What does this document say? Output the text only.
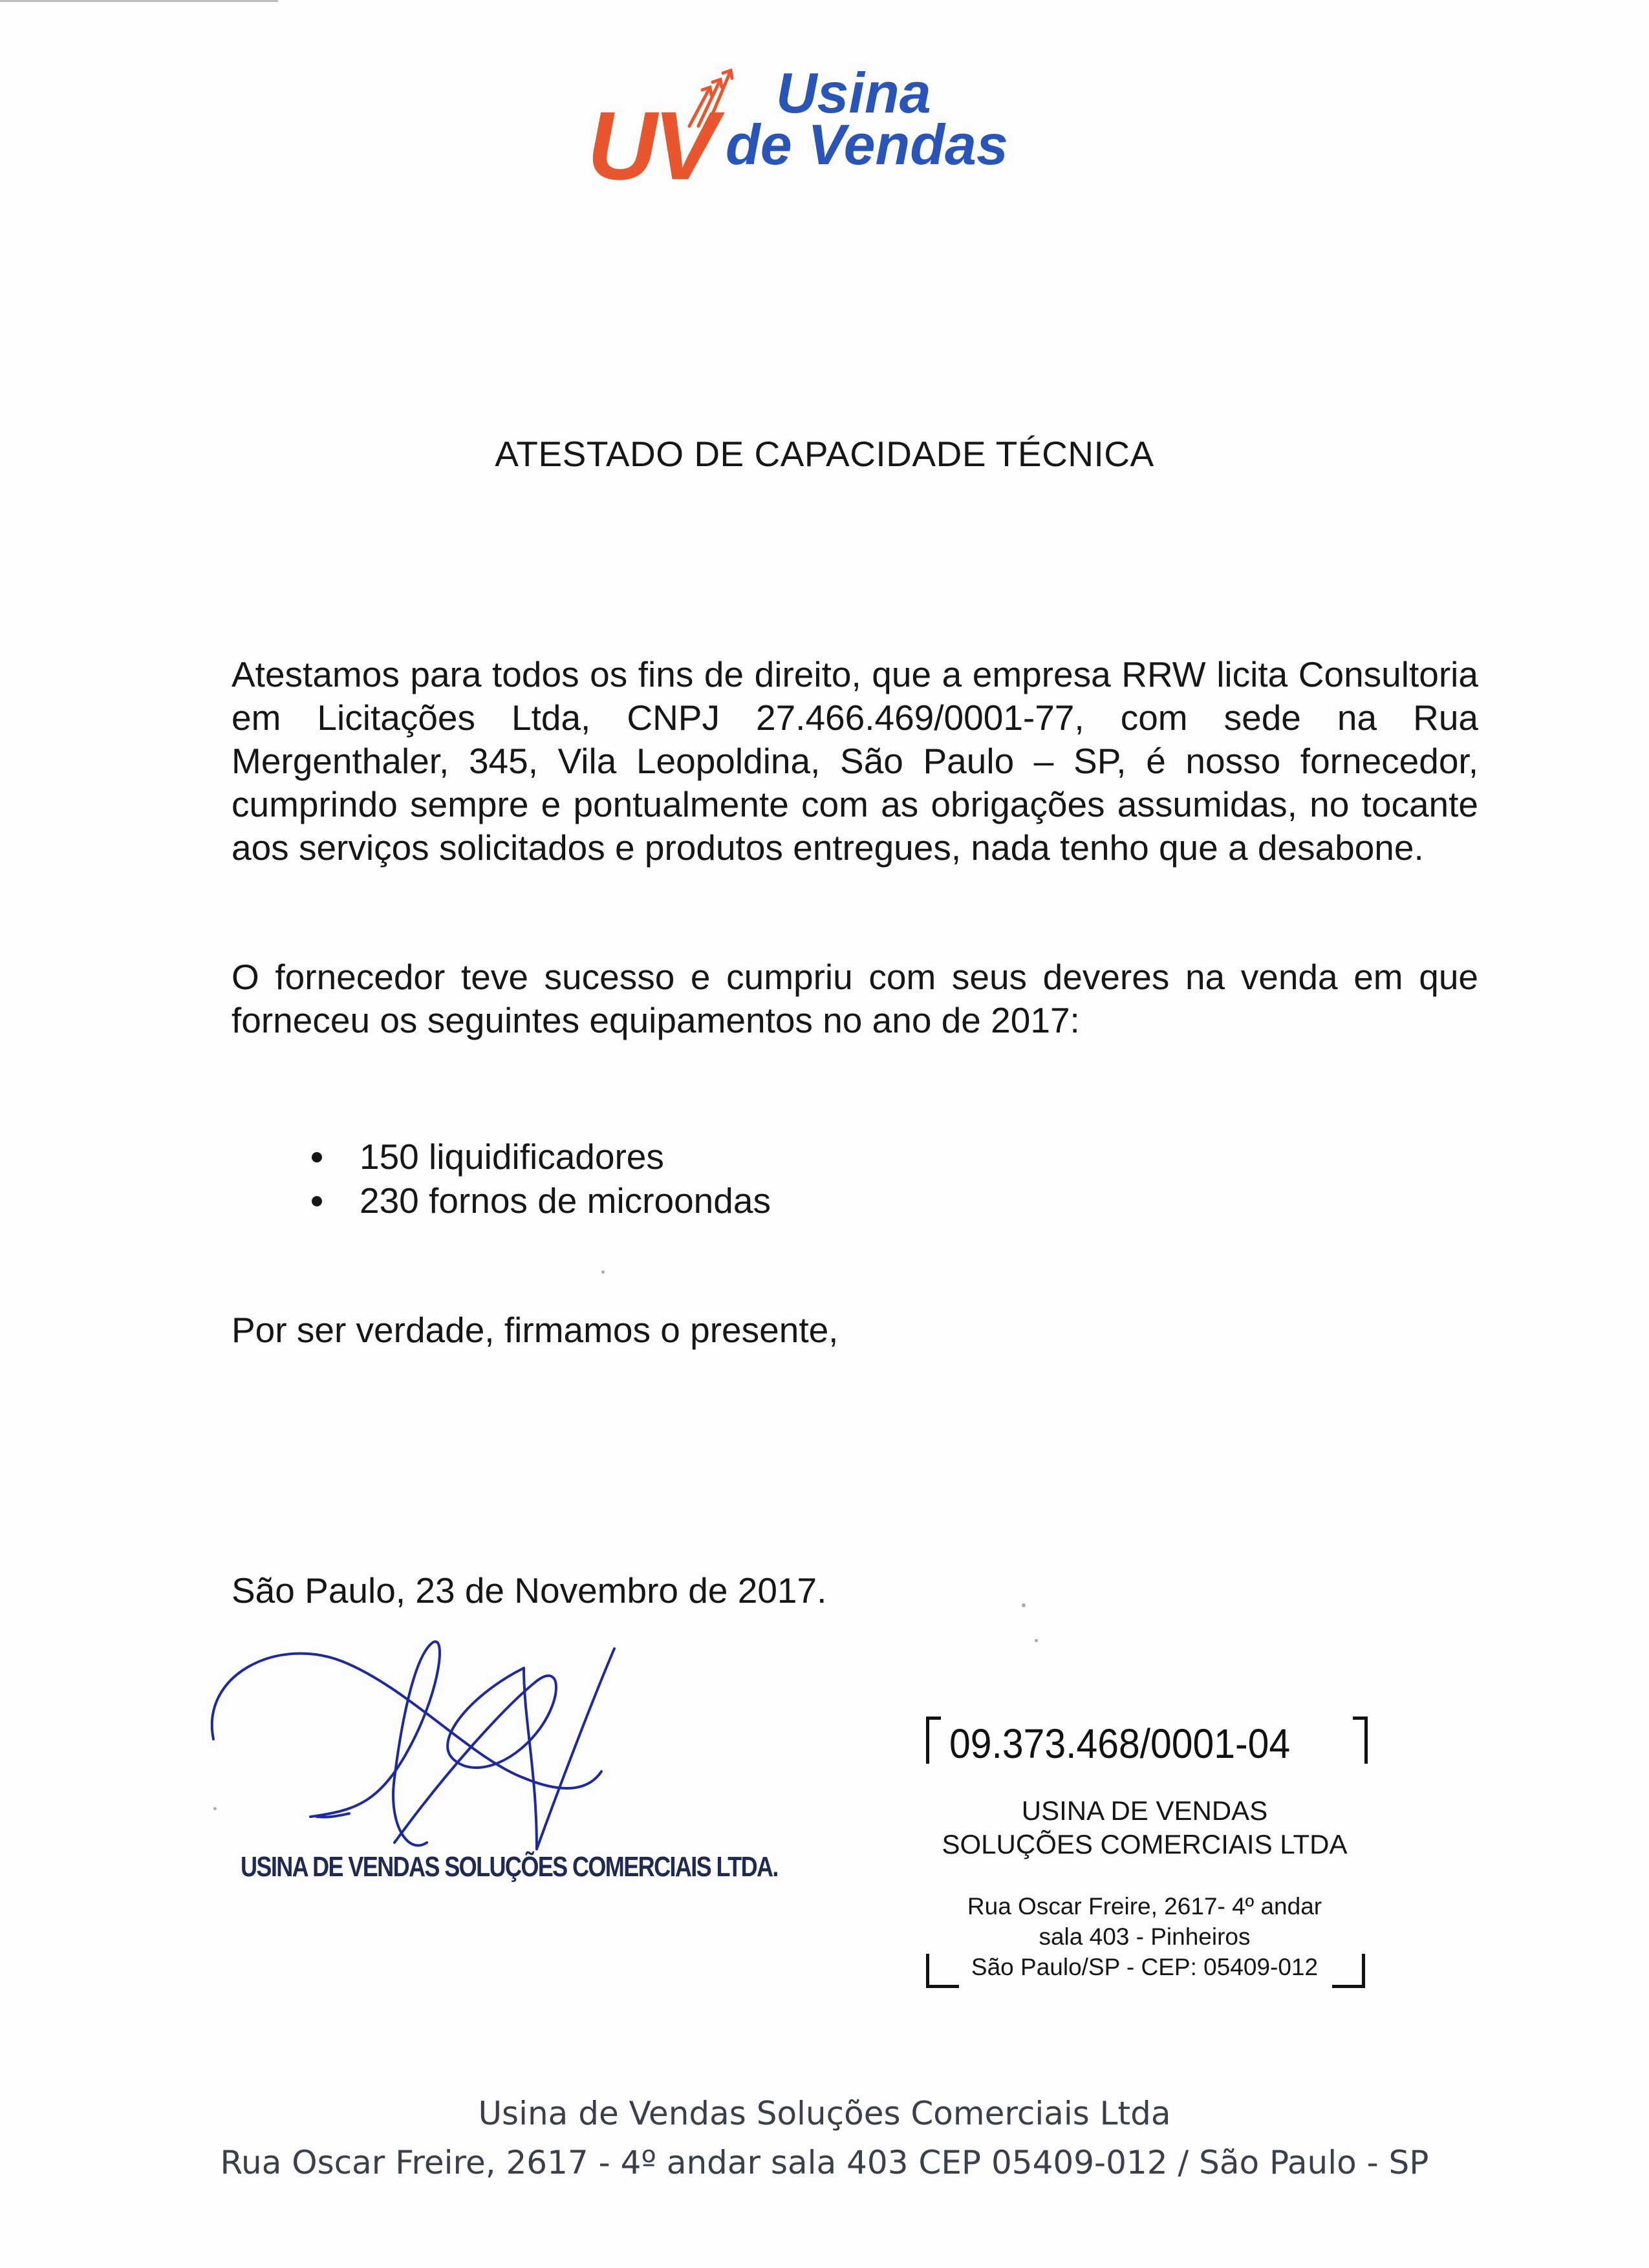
UV Usina
de Vendas
ATESTADO DE CAPACIDADE TÉCNICA
Atestamos para todos os fins de direito, que a empresa RRW licita Consultoria em Licitações Ltda, CNPJ 27.466.469/0001-77, com sede na Rua Mergenthaler, 345, Vila Leopoldina, São Paulo – SP, é nosso fornecedor, cumprindo sempre e pontualmente com as obrigações assumidas, no tocante aos serviços solicitados e produtos entregues, nada tenho que a desabone.
O fornecedor teve sucesso e cumpriu com seus deveres na venda em que forneceu os seguintes equipamentos no ano de 2017:
150 liquidificadores
230 fornos de microondas
Por ser verdade, firmamos o presente,
São Paulo, 23 de Novembro de 2017.
USINA DE VENDAS SOLUÇÕES COMERCIAIS LTDA.
09.373.468/0001-04
USINA DE VENDAS
SOLUÇÕES COMERCIAIS LTDA
Rua Oscar Freire, 2617- 4º andar
sala 403 - Pinheiros
São Paulo/SP - CEP: 05409-012
Usina de Vendas Soluções Comerciais Ltda
Rua Oscar Freire, 2617 - 4º andar sala 403 CEP 05409-012 / São Paulo - SP
